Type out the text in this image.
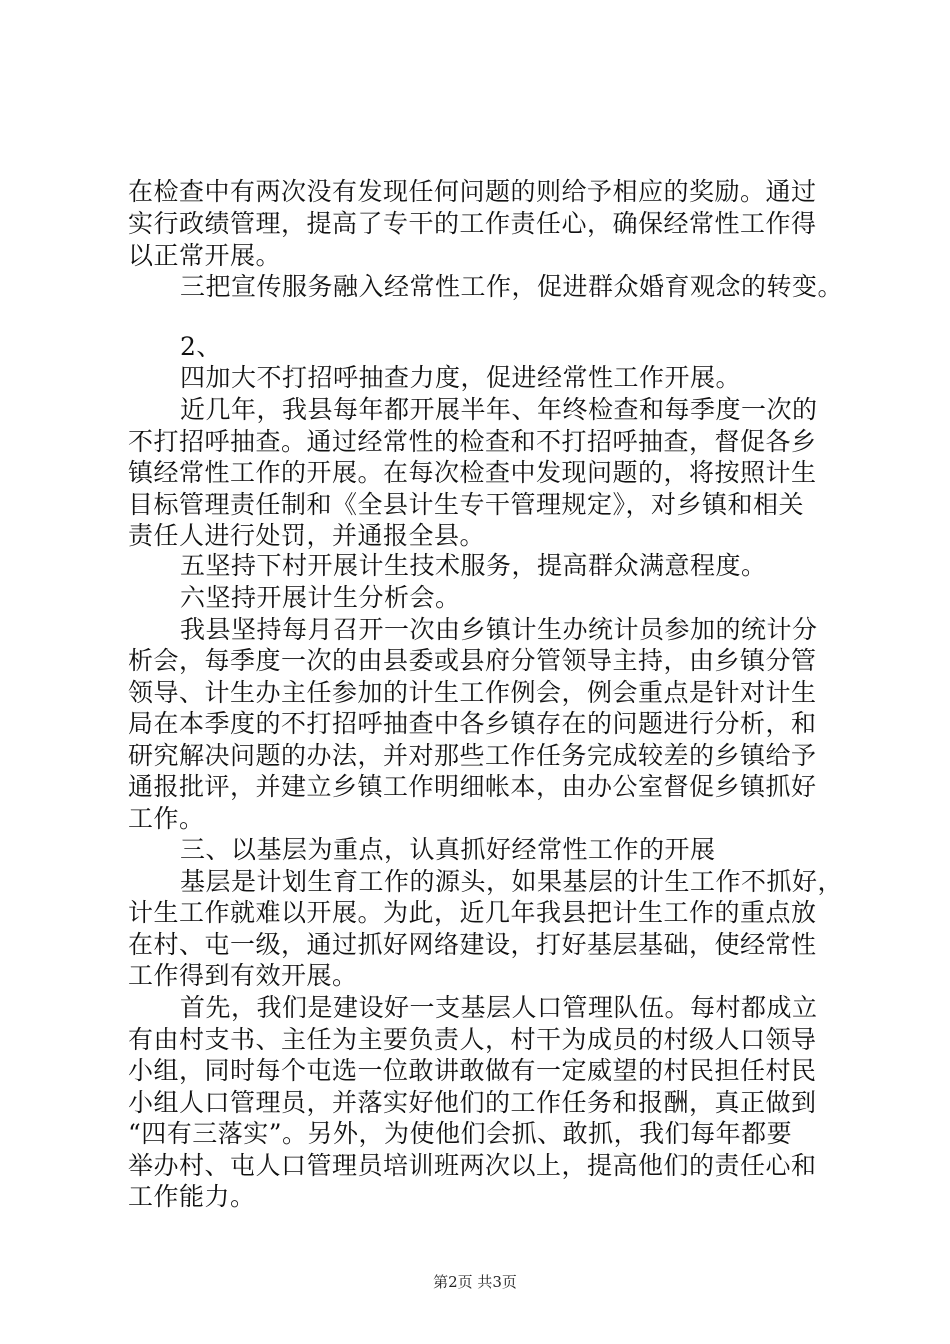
在检查中有两次没有发现任何问题的则给予相应的奖励。通过
实行政绩管理，提高了专干的工作责任心，确保经常性工作得
以正常开展。
三把宣传服务融入经常性工作，促进群众婚育观念的转变。
2、
四加大不打招呼抽查力度，促进经常性工作开展。
近几年，我县每年都开展半年、年终检查和每季度一次的
不打招呼抽查。通过经常性的检查和不打招呼抽查，督促各乡
镇经常性工作的开展。在每次检查中发现问题的，将按照计生
目标管理责任制和《全县计生专干管理规定》，对乡镇和相关
责任人进行处罚，并通报全县。
五坚持下村开展计生技术服务，提高群众满意程度。
六坚持开展计生分析会。
我县坚持每月召开一次由乡镇计生办统计员参加的统计分
析会，每季度一次的由县委或县府分管领导主持，由乡镇分管
领导、计生办主任参加的计生工作例会，例会重点是针对计生
局在本季度的不打招呼抽查中各乡镇存在的问题进行分析，和
研究解决问题的办法，并对那些工作任务完成较差的乡镇给予
通报批评，并建立乡镇工作明细帐本，由办公室督促乡镇抓好
工作。
三、以基层为重点，认真抓好经常性工作的开展
基层是计划生育工作的源头，如果基层的计生工作不抓好，
计生工作就难以开展。为此，近几年我县把计生工作的重点放
在村、屯一级，通过抓好网络建设，打好基层基础，使经常性
工作得到有效开展。
首先，我们是建设好一支基层人口管理队伍。每村都成立
有由村支书、主任为主要负责人，村干为成员的村级人口领导
小组，同时每个屯选一位敢讲敢做有一定威望的村民担任村民
小组人口管理员，并落实好他们的工作任务和报酬，真正做到
“四有三落实”。另外，为使他们会抓、敢抓，我们每年都要
举办村、屯人口管理员培训班两次以上，提高他们的责任心和
工作能力。
第2页 共3页
